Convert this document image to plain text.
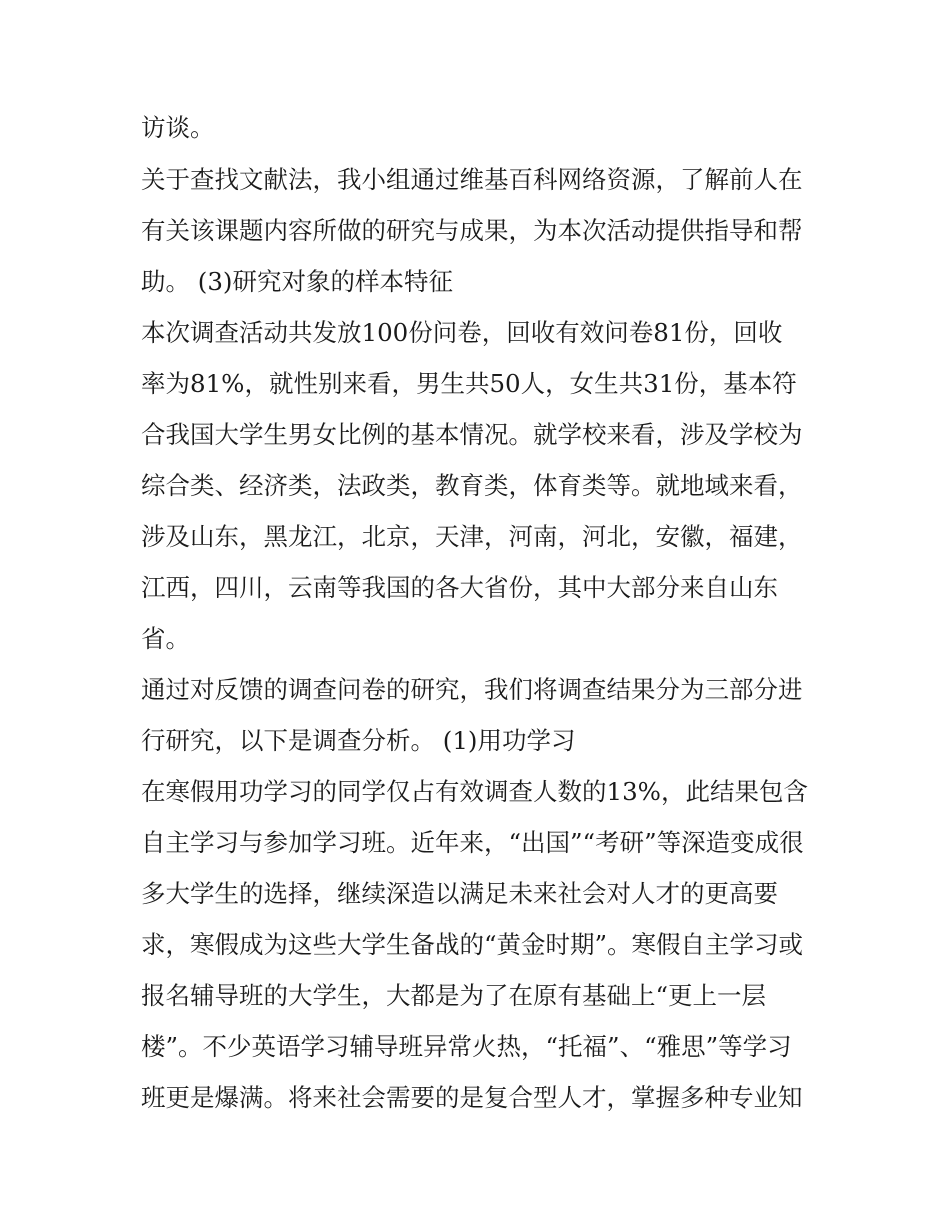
访谈。
关于查找文献法，我小组通过维基百科网络资源，了解前人在
有关该课题内容所做的研究与成果，为本次活动提供指导和帮
助。 (3)研究对象的样本特征
本次调查活动共发放100份问卷，回收有效问卷81份，回收
率为81%，就性别来看，男生共50人，女生共31份，基本符
合我国大学生男女比例的基本情况。就学校来看，涉及学校为
综合类、经济类，法政类，教育类，体育类等。就地域来看，
涉及山东，黑龙江，北京，天津，河南，河北，安徽，福建，
江西，四川，云南等我国的各大省份，其中大部分来自山东
省。
通过对反馈的调查问卷的研究，我们将调查结果分为三部分进
行研究，以下是调查分析。 (1)用功学习
在寒假用功学习的同学仅占有效调查人数的13%，此结果包含
自主学习与参加学习班。近年来，“出国”“考研”等深造变成很
多大学生的选择，继续深造以满足未来社会对人才的更高要
求，寒假成为这些大学生备战的“黄金时期”。寒假自主学习或
报名辅导班的大学生，大都是为了在原有基础上“更上一层
楼”。不少英语学习辅导班异常火热，“托福”、“雅思”等学习
班更是爆满。将来社会需要的是复合型人才，掌握多种专业知
